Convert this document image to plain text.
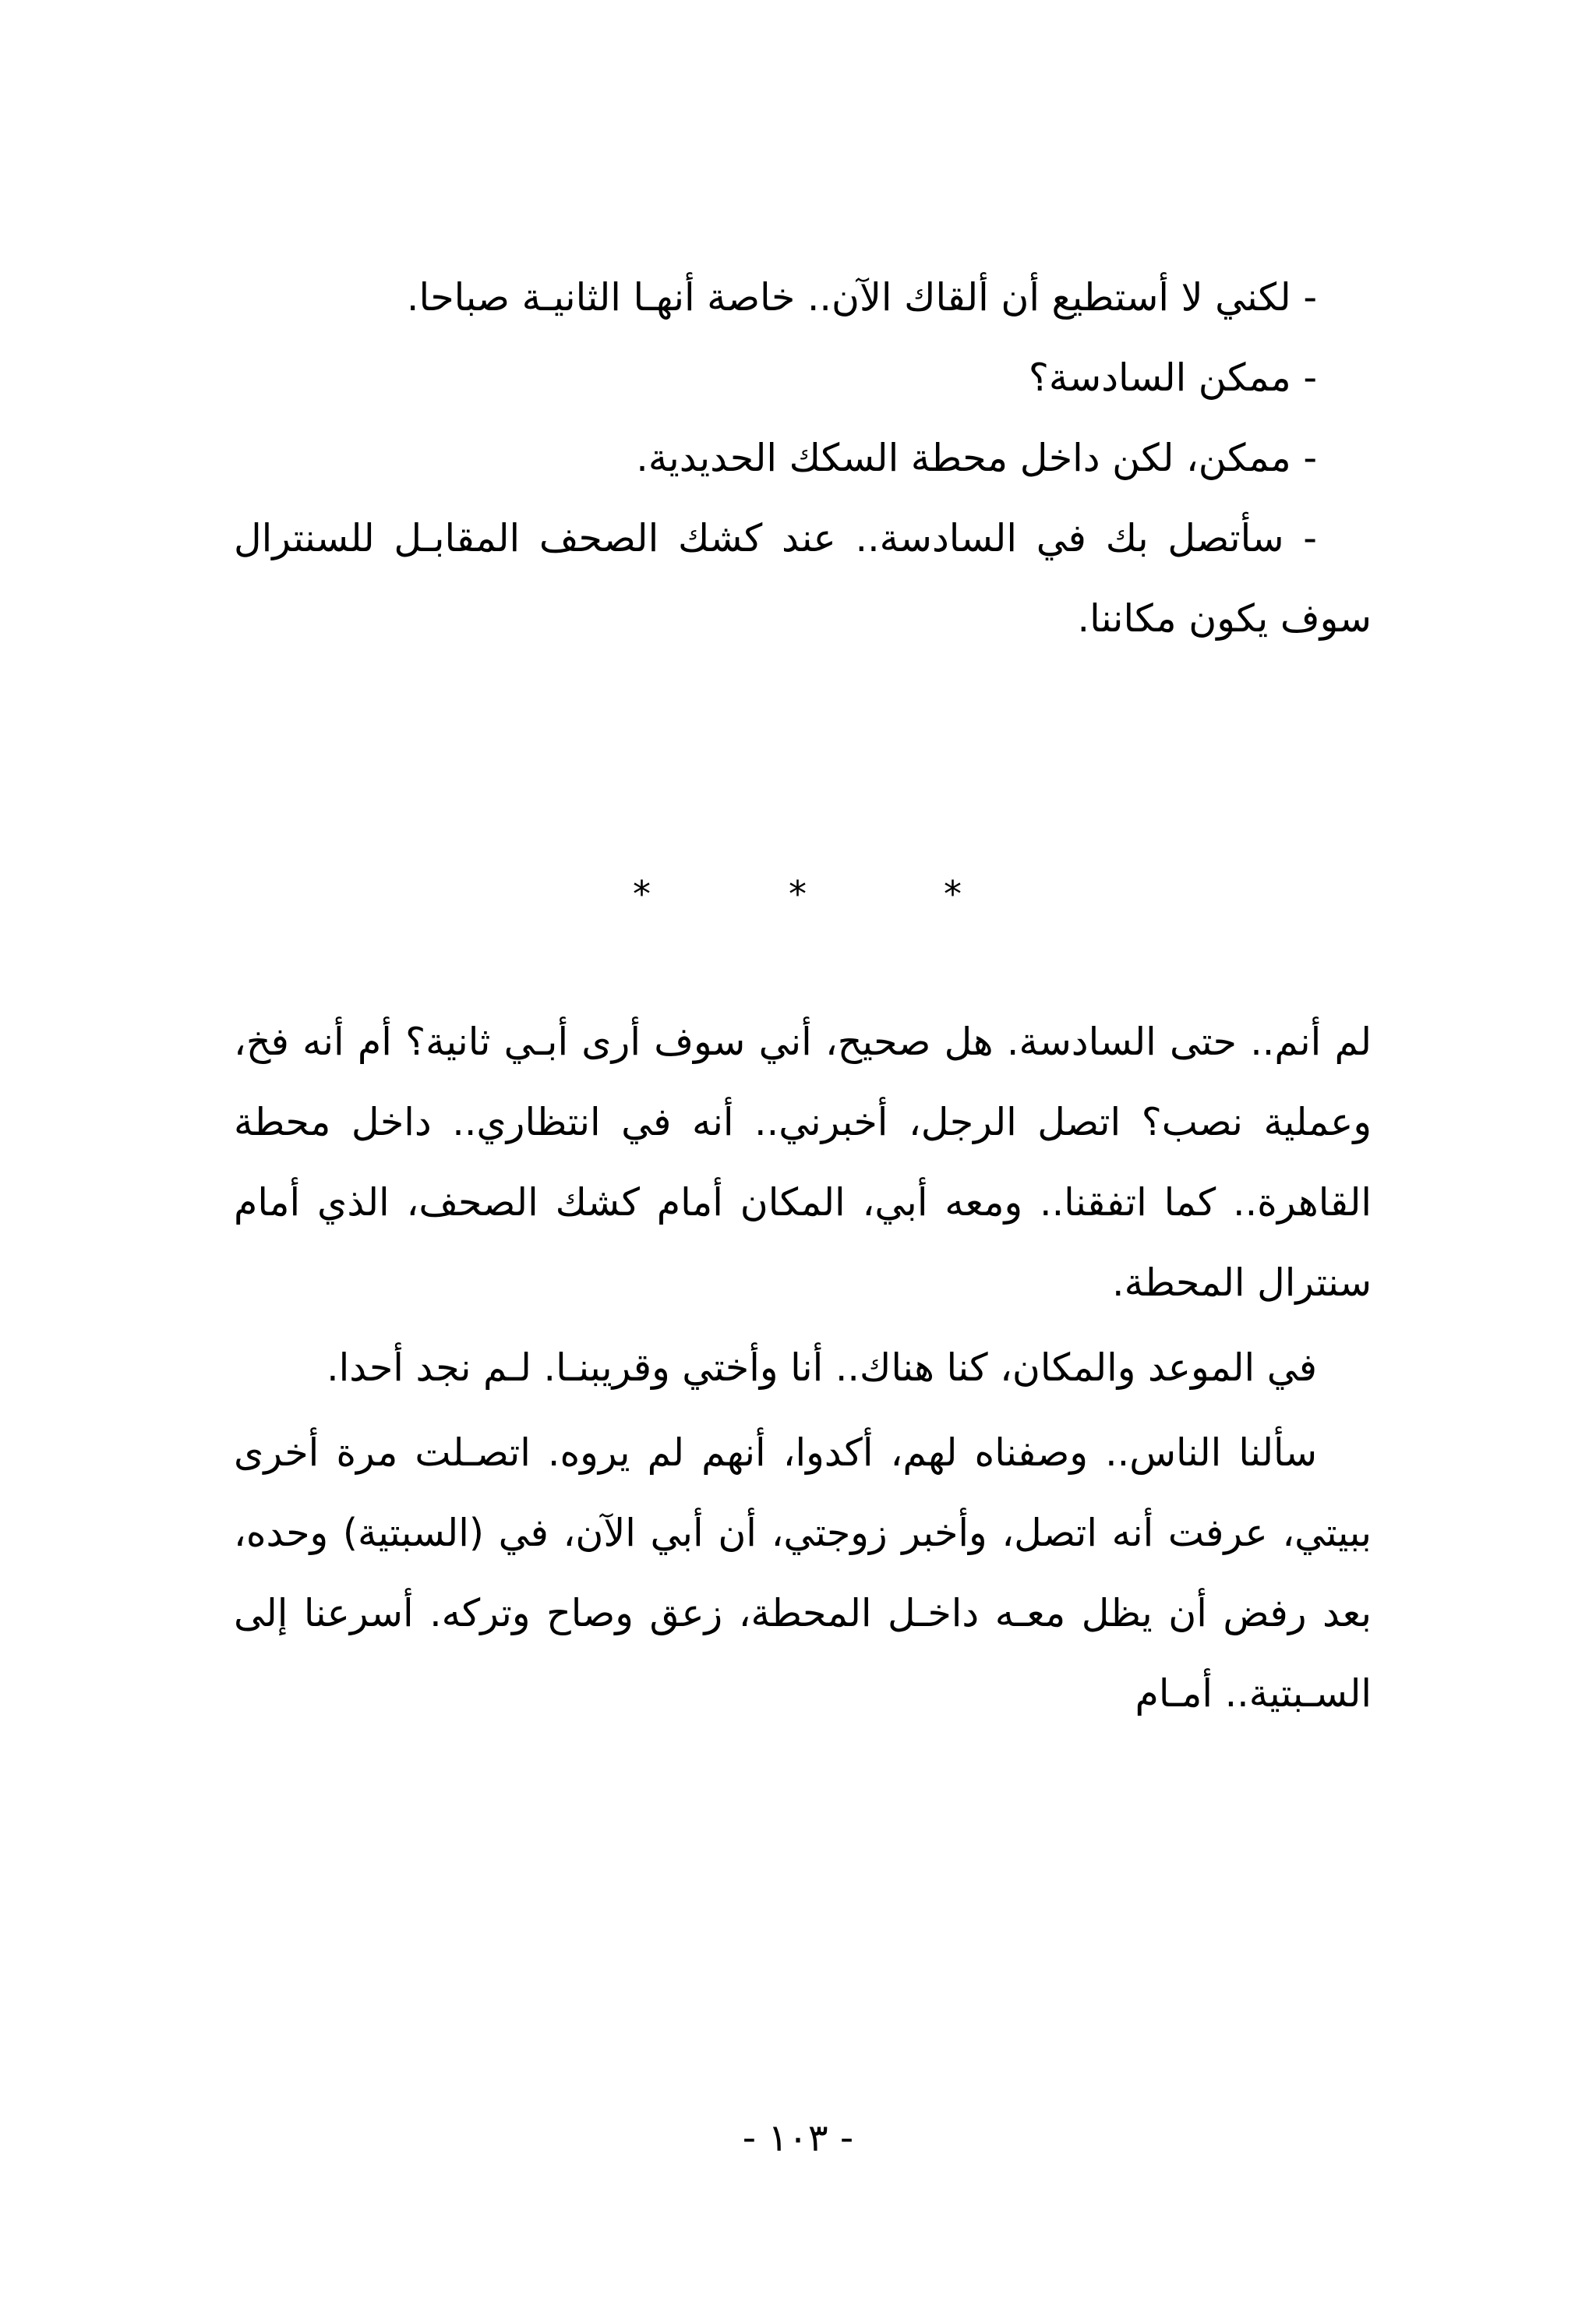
- لكني لا أستطيع أن ألقاك الآن.. خاصة أنهـا الثانيـة صباحا.

- ممكن السادسة؟

- ممكن، لكن داخل محطة السكك الحديدية.

- سأتصل بك في السادسة.. عند كشك الصحف المقابـل للسنترال سوف يكون مكاننا.

*
*
*

لم أنم.. حتى السادسة. هل صحيح، أني سوف أرى أبـي ثانية؟ أم أنه فخ، وعملية نصب؟ اتصل الرجل، أخبرني.. أنه في انتظاري.. داخل محطة القاهرة.. كما اتفقنا.. ومعه أبي، المكان أمام كشك الصحف، الذي أمام سنترال المحطة.

في الموعد والمكان، كنا هناك.. أنا وأختي وقريبنـا. لـم نجد أحدا.

سألنا الناس.. وصفناه لهم، أكدوا، أنهم لم يروه. اتصـلت مرة أخرى ببيتي، عرفت أنه اتصل، وأخبر زوجتي، أن أبي الآن، في (السبتية) وحده، بعد رفض أن يظل معـه داخـل المحطة، زعق وصاح وتركه. أسرعنا إلى السـبتية.. أمـام

- ١٠٣ -
